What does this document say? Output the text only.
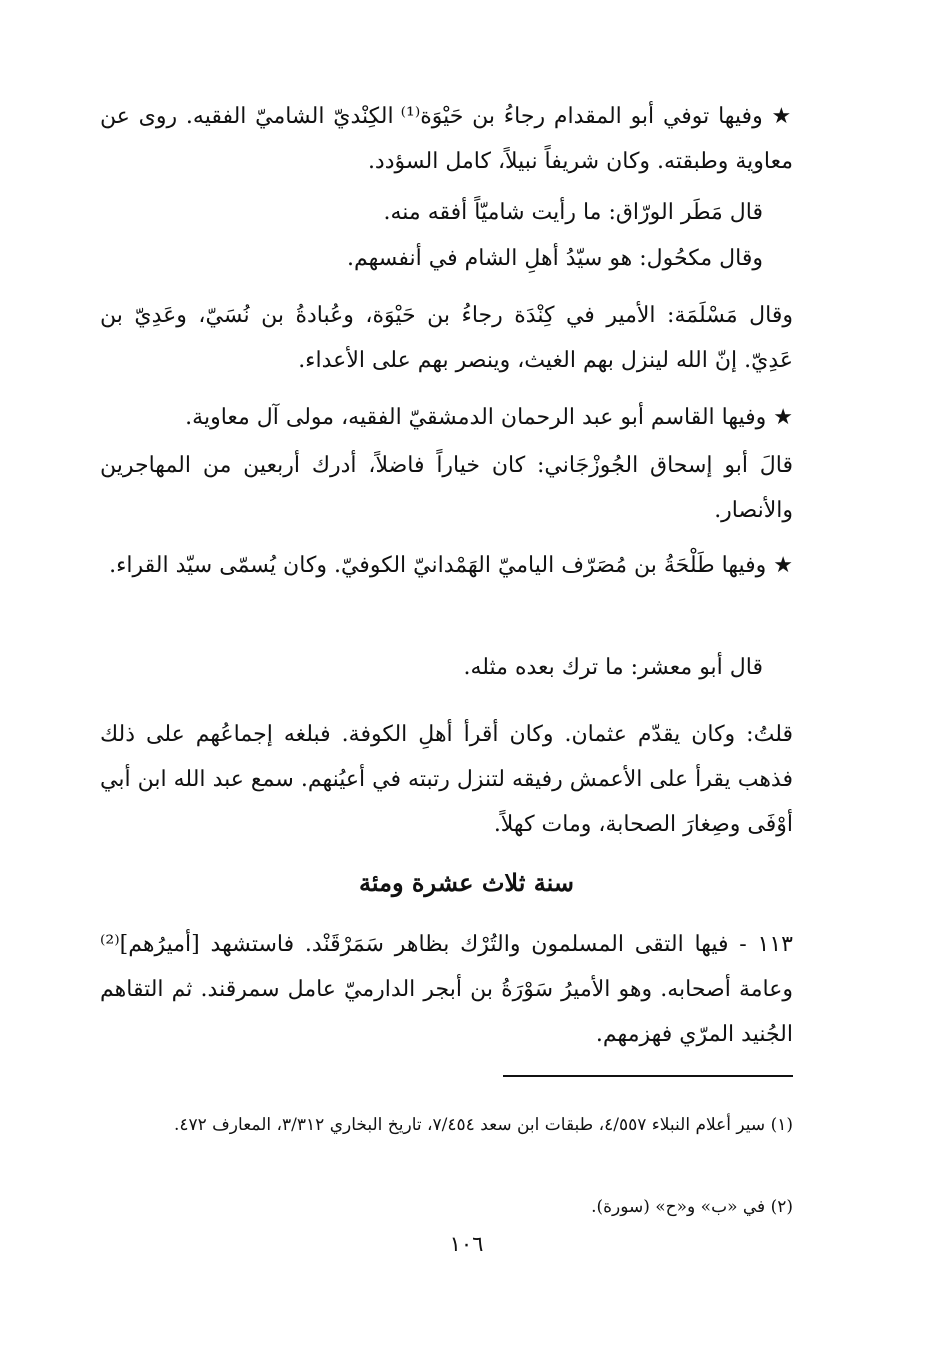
★ وفيها توفي أبو المقدام رجاءُ بن حَيْوَة⁽¹⁾ الكِنْديّ الشاميّ الفقيه. روى عن معاوية وطبقته. وكان شريفاً نبيلاً، كامل السؤدد.

قال مَطَر الورّاق: ما رأيت شاميّاً أفقه منه.

وقال مكحُول: هو سيّدُ أهلِ الشام في أنفسهم.

وقال مَسْلَمَة: الأمير في كِنْدَة رجاءُ بن حَيْوَة، وعُبادةُ بن نُسَيّ، وعَدِيّ بن عَدِيّ. إنّ الله لينزل بهم الغيث، وينصر بهم على الأعداء.

★ وفيها القاسم أبو عبد الرحمان الدمشقيّ الفقيه، مولى آل معاوية.

قالَ أبو إسحاق الجُوزْجَاني: كان خياراً فاضلاً، أدرك أربعين من المهاجرين والأنصار.

★ وفيها طَلْحَةُ بن مُصَرّف الياميّ الهَمْدانيّ الكوفيّ. وكان يُسمّى سيّد القراء.

قال أبو معشر: ما ترك بعده مثله.

قلتُ: وكان يقدّم عثمان. وكان أقرأ أهلِ الكوفة. فبلغه إجماعُهم على ذلك فذهب يقرأ على الأعمش رفيقه لتنزل رتبته في أعيُنهم. سمع عبد الله ابن أبي أوْفَى وصِغارَ الصحابة، ومات كهلاً.

سنة ثلاث عشرة ومئة

١١٣ - فيها التقى المسلمون والتُرْك بظاهر سَمَرْقَنْد. فاستشهد [أميرُهم]⁽²⁾ وعامة أصحابه. وهو الأميرُ سَوْرَةُ بن أبجر الدارميّ عامل سمرقند. ثم التقاهم الجُنيد المرّي فهزمهم.

(١) سير أعلام النبلاء ٤/٥٥٧، طبقات ابن سعد ٧/٤٥٤، تاريخ البخاري ٣/٣١٢، المعارف ٤٧٢.

(٢) في «ب» و«ح» (سورة).

١٠٦
